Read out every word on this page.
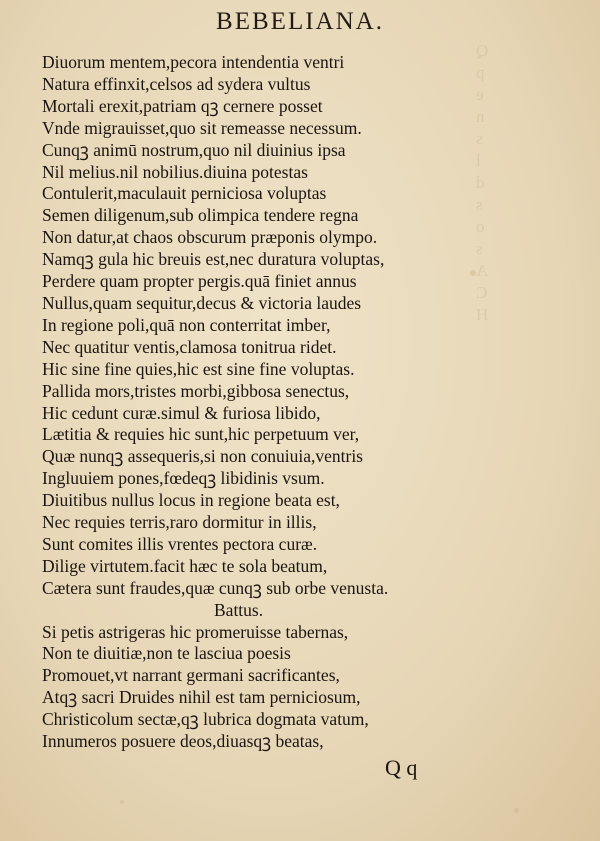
Q
p
e
n
s
l
d
s
o
s
A
C
H
BEBELIANA.
Diuorum mentem,pecora intendentia ventri
Natura effinxit,celsos ad sydera vultus
Mortali erexit,patriam qꝫ cernere posset
Vnde migrauisset,quo sit remeasse necessum.
Cunqꝫ animū nostrum,quo nil diuinius ipsa
Nil melius.nil nobilius.diuina potestas
Contulerit,maculauit perniciosa voluptas
Semen diligenum,sub olimpica tendere regna
Non datur,at chaos obscurum præponis olympo.
Namqꝫ gula hic breuis est,nec duratura voluptas,
Perdere quam propter pergis.quā finiet annus
Nullus,quam sequitur,decus & victoria laudes
In regione poli,quā non conterritat imber,
Nec quatitur ventis,clamosa tonitrua ridet.
Hic sine fine quies,hic est sine fine voluptas.
Pallida mors,tristes morbi,gibbosa senectus,
Hic cedunt curæ.simul & furiosa libido,
Lætitia & requies hic sunt,hic perpetuum ver,
Quæ nunqꝫ assequeris,si non conuiuia,ventris
Ingluuiem pones,fœdeqꝫ libidinis vsum.
Diuitibus nullus locus in regione beata est,
Nec requies terris,raro dormitur in illis,
Sunt comites illis vrentes pectora curæ.
Dilige virtutem.facit hæc te sola beatum,
Cætera sunt fraudes,quæ cunqꝫ sub orbe venusta.
Battus.
Si petis astrigeras hic promeruisse tabernas,
Non te diuitiæ,non te lasciua poesis
Promouet,vt narrant germani sacrificantes,
Atqꝫ sacri Druides nihil est tam perniciosum,
Christicolum sectæ,qꝫ lubrica dogmata vatum,
Innumeros posuere deos,diuasqꝫ beatas,
Q q
